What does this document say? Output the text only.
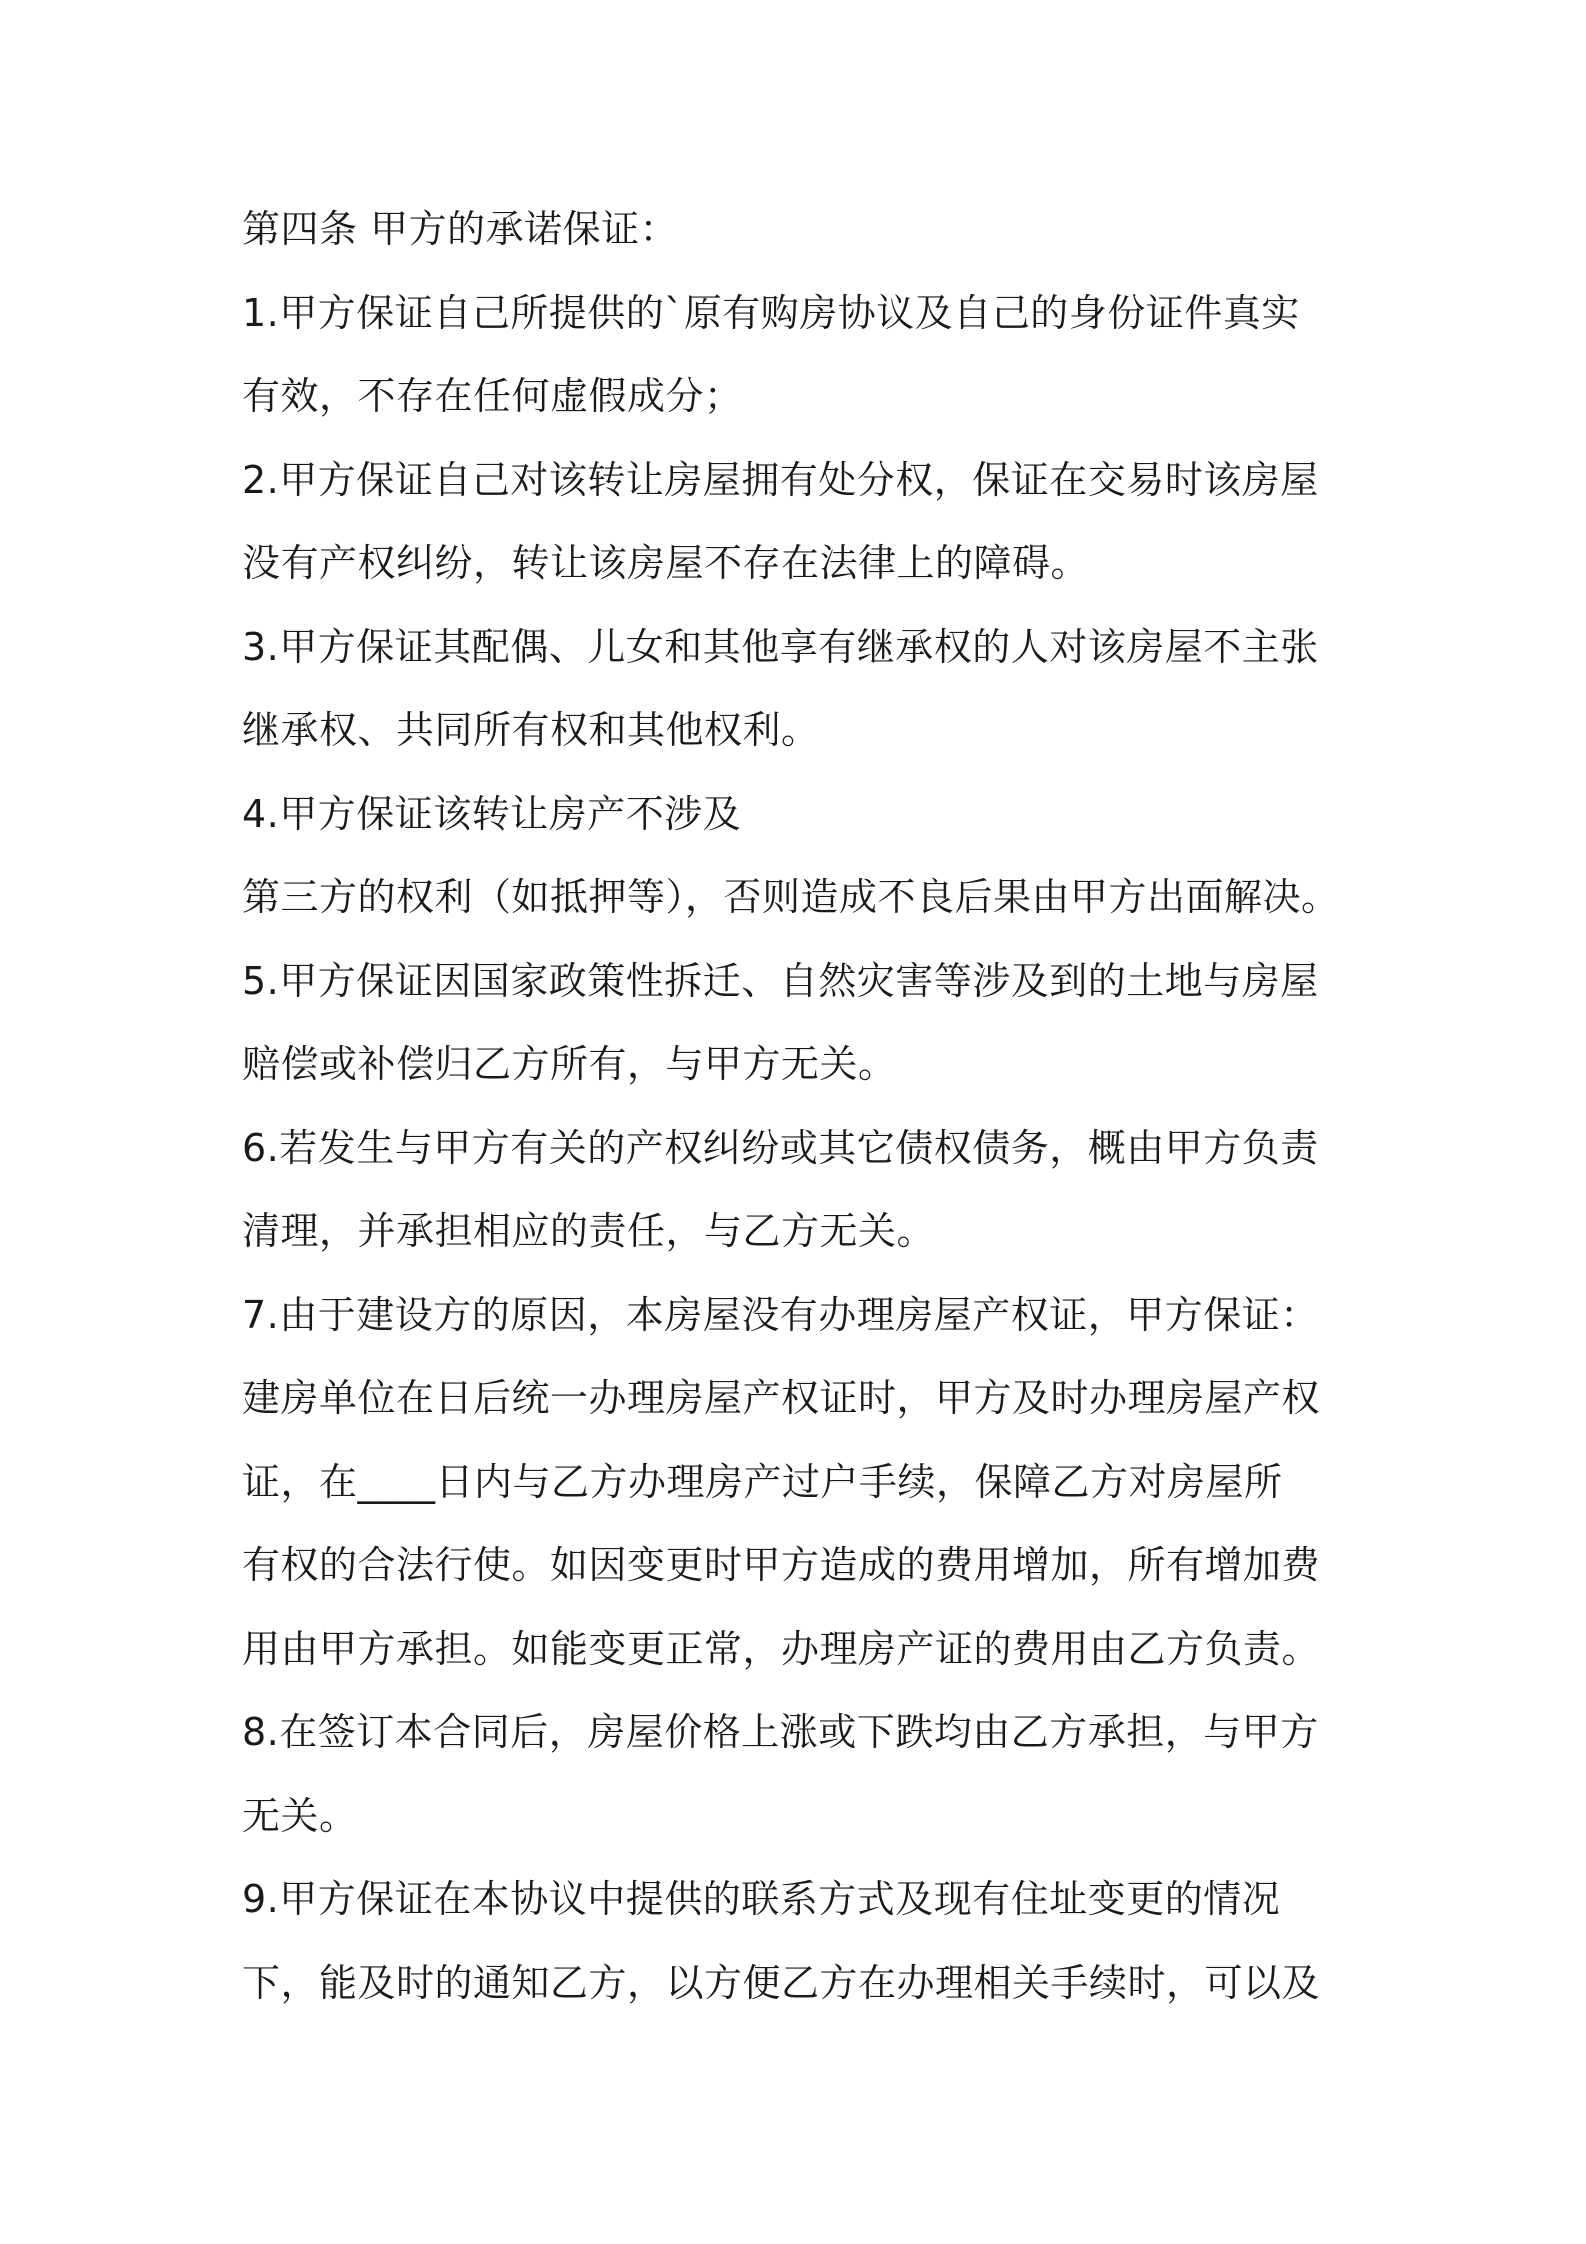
第四条 甲方的承诺保证：
1.甲方保证自己所提供的`原有购房协议及自己的身份证件真实
有效，不存在任何虚假成分；
2.甲方保证自己对该转让房屋拥有处分权，保证在交易时该房屋
没有产权纠纷，转让该房屋不存在法律上的障碍。
3.甲方保证其配偶、儿女和其他享有继承权的人对该房屋不主张
继承权、共同所有权和其他权利。
4.甲方保证该转让房产不涉及
第三方的权利（如抵押等），否则造成不良后果由甲方出面解决。
5.甲方保证因国家政策性拆迁、自然灾害等涉及到的土地与房屋
赔偿或补偿归乙方所有，与甲方无关。
6.若发生与甲方有关的产权纠纷或其它债权债务，概由甲方负责
清理，并承担相应的责任，与乙方无关。
7.由于建设方的原因，本房屋没有办理房屋产权证，甲方保证：
建房单位在日后统一办理房屋产权证时，甲方及时办理房屋产权
证，在____日内与乙方办理房产过户手续，保障乙方对房屋所
有权的合法行使。如因变更时甲方造成的费用增加，所有增加费
用由甲方承担。如能变更正常，办理房产证的费用由乙方负责。
8.在签订本合同后，房屋价格上涨或下跌均由乙方承担，与甲方
无关。
9.甲方保证在本协议中提供的联系方式及现有住址变更的情况
下，能及时的通知乙方，以方便乙方在办理相关手续时，可以及
